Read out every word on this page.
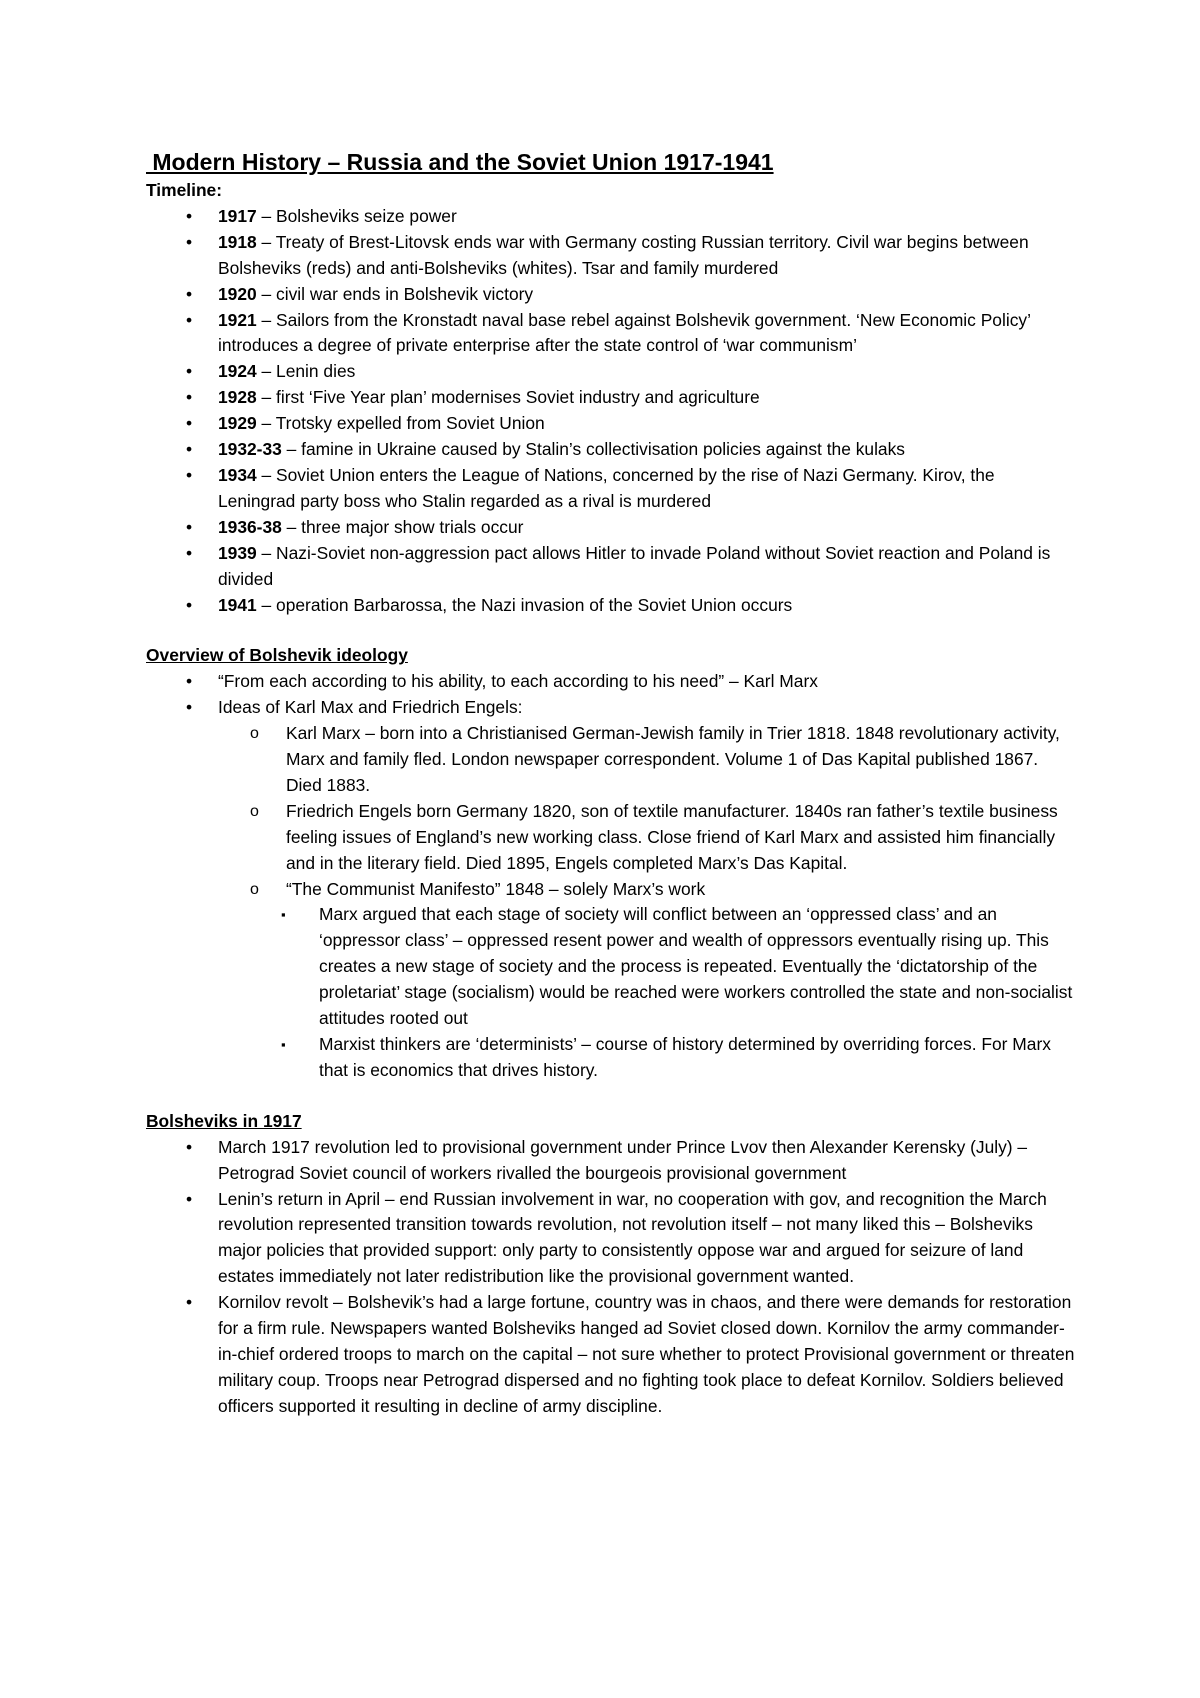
Modern History – Russia and the Soviet Union 1917-1941
Timeline:
• 1917 – Bolsheviks seize power
• 1918 – Treaty of Brest-Litovsk ends war with Germany costing Russian territory. Civil war begins between Bolsheviks (reds) and anti-Bolsheviks (whites). Tsar and family murdered
• 1920 – civil war ends in Bolshevik victory
• 1921 – Sailors from the Kronstadt naval base rebel against Bolshevik government. ‘New Economic Policy’ introduces a degree of private enterprise after the state control of ‘war communism’
• 1924 – Lenin dies
• 1928 – first ‘Five Year plan’ modernises Soviet industry and agriculture
• 1929 – Trotsky expelled from Soviet Union
• 1932-33 – famine in Ukraine caused by Stalin’s collectivisation policies against the kulaks
• 1934 – Soviet Union enters the League of Nations, concerned by the rise of Nazi Germany. Kirov, the Leningrad party boss who Stalin regarded as a rival is murdered
• 1936-38 – three major show trials occur
• 1939 – Nazi-Soviet non-aggression pact allows Hitler to invade Poland without Soviet reaction and Poland is divided
• 1941 – operation Barbarossa, the Nazi invasion of the Soviet Union occurs
Overview of Bolshevik ideology
• “From each according to his ability, to each according to his need” – Karl Marx
• Ideas of Karl Max and Friedrich Engels:
o Karl Marx – born into a Christianised German-Jewish family in Trier 1818. 1848 revolutionary activity, Marx and family fled. London newspaper correspondent. Volume 1 of Das Kapital published 1867. Died 1883.
o Friedrich Engels born Germany 1820, son of textile manufacturer. 1840s ran father’s textile business feeling issues of England’s new working class. Close friend of Karl Marx and assisted him financially and in the literary field. Died 1895, Engels completed Marx’s Das Kapital.
o “The Communist Manifesto” 1848 – solely Marx’s work
▪ Marx argued that each stage of society will conflict between an ‘oppressed class’ and an ‘oppressor class’ – oppressed resent power and wealth of oppressors eventually rising up. This creates a new stage of society and the process is repeated. Eventually the ‘dictatorship of the proletariat’ stage (socialism) would be reached were workers controlled the state and non-socialist attitudes rooted out
▪ Marxist thinkers are ‘determinists’ – course of history determined by overriding forces. For Marx that is economics that drives history.
Bolsheviks in 1917
• March 1917 revolution led to provisional government under Prince Lvov then Alexander Kerensky (July) – Petrograd Soviet council of workers rivalled the bourgeois provisional government
• Lenin’s return in April – end Russian involvement in war, no cooperation with gov, and recognition the March revolution represented transition towards revolution, not revolution itself – not many liked this – Bolsheviks major policies that provided support: only party to consistently oppose war and argued for seizure of land estates immediately not later redistribution like the provisional government wanted.
• Kornilov revolt – Bolshevik’s had a large fortune, country was in chaos, and there were demands for restoration for a firm rule. Newspapers wanted Bolsheviks hanged ad Soviet closed down. Kornilov the army commander-in-chief ordered troops to march on the capital – not sure whether to protect Provisional government or threaten military coup. Troops near Petrograd dispersed and no fighting took place to defeat Kornilov. Soldiers believed officers supported it resulting in decline of army discipline.
